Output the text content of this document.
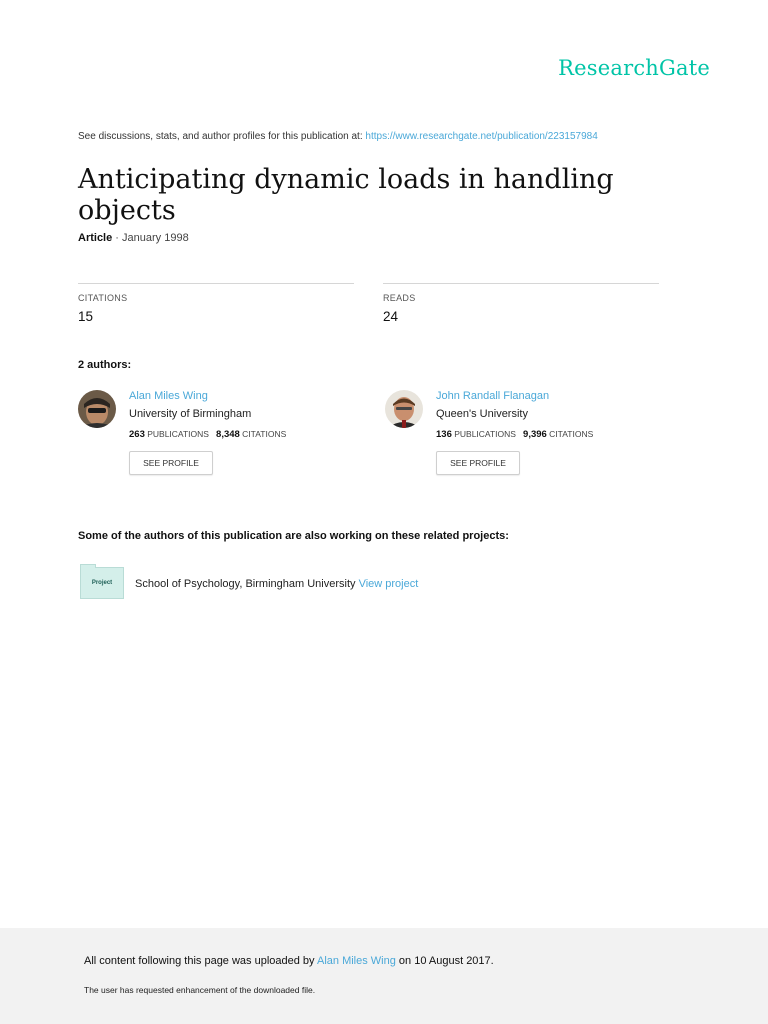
ResearchGate
See discussions, stats, and author profiles for this publication at: https://www.researchgate.net/publication/223157984
Anticipating dynamic loads in handling objects
Article · January 1998
CITATIONS
15
READS
24
2 authors:
Alan Miles Wing
University of Birmingham
263 PUBLICATIONS 8,348 CITATIONS
SEE PROFILE
John Randall Flanagan
Queen's University
136 PUBLICATIONS 9,396 CITATIONS
SEE PROFILE
Some of the authors of this publication are also working on these related projects:
Project	School of Psychology, Birmingham University View project
All content following this page was uploaded by Alan Miles Wing on 10 August 2017.
The user has requested enhancement of the downloaded file.
